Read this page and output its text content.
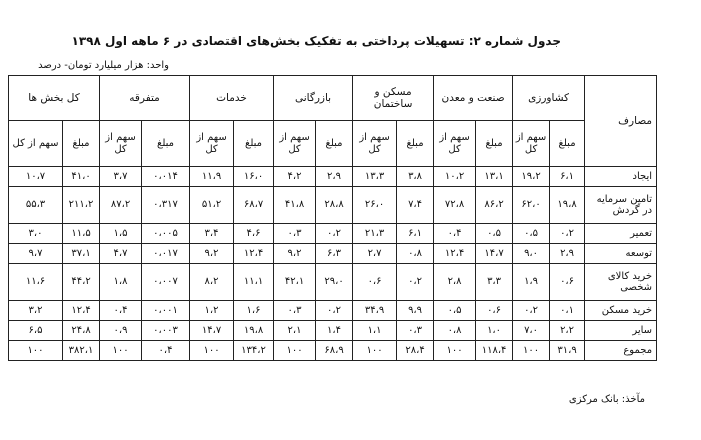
جدول شماره ۲: تسهیلات پرداختی به تفکیک بخش‌های اقتصادی در ۶ ماهه اول ۱۳۹۸
واحد: هزار میلیارد تومان- درصد
مصارف	کشاورزی		صنعت و معدن		مسکن و ساختمان		بازرگانی		خدمات		متفرقه		کل بخش ها	
	مبلغ	سهم از کل	مبلغ	سهم از کل	مبلغ	سهم از کل	مبلغ	سهم از کل	مبلغ	سهم از کل	مبلغ	سهم از کل	مبلغ	سهم از کل
ایجاد	۶،۱	۱۹،۲	۱۳،۱	۱۰،۲	۳،۸	۱۳،۳	۲،۹	۴،۲	۱۶،۰	۱۱،۹	۰،۰۱۴	۳،۷	۴۱،۰	۱۰،۷
تامین سرمایه در گردش	۱۹،۸	۶۲،۰	۸۶،۲	۷۲،۸	۷،۴	۲۶،۰	۲۸،۸	۴۱،۸	۶۸،۷	۵۱،۲	۰،۳۱۷	۸۷،۲	۲۱۱،۲	۵۵،۳
تعمیر	۰،۲	۰،۵	۰،۵	۰،۴	۶،۱	۲۱،۳	۰،۲	۰،۳	۴،۶	۳،۴	۰،۰۰۵	۱،۵	۱۱،۵	۳،۰
توسعه	۲،۹	۹،۰	۱۴،۷	۱۲،۴	۰،۸	۲،۷	۶،۳	۹،۲	۱۲،۴	۹،۲	۰،۰۱۷	۴،۷	۳۷،۱	۹،۷
خرید کالای شخصی	۰،۶	۱،۹	۳،۳	۲،۸	۰،۲	۰،۶	۲۹،۰	۴۲،۱	۱۱،۱	۸،۲	۰،۰۰۷	۱،۸	۴۴،۲	۱۱،۶
خرید مسکن	۰،۱	۰،۲	۰،۶	۰،۵	۹،۹	۳۴،۹	۰،۲	۰،۳	۱،۶	۱،۲	۰،۰۰۱	۰،۴	۱۲،۴	۳،۲
سایر	۲،۲	۷،۰	۱،۰	۰،۸	۰،۳	۱،۱	۱،۴	۲،۱	۱۹،۸	۱۴،۷	۰،۰۰۳	۰،۹	۲۴،۸	۶،۵
مجموع	۳۱،۹	۱۰۰	۱۱۸،۴	۱۰۰	۲۸،۴	۱۰۰	۶۸،۹	۱۰۰	۱۳۴،۲	۱۰۰	۰،۴	۱۰۰	۳۸۲،۱	۱۰۰
مآخذ: بانک مرکزی
